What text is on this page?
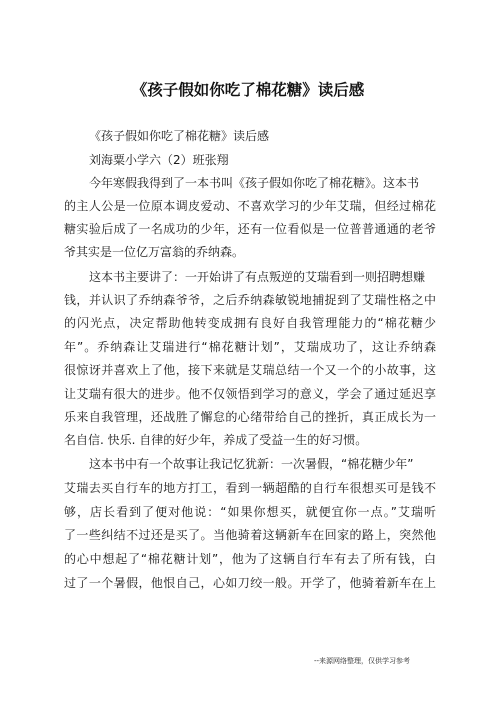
《孩子假如你吃了棉花糖》读后感
《孩子假如你吃了棉花糖》读后感
刘海粟小学六（2）班张翔
今年寒假我得到了一本书叫《孩子假如你吃了棉花糖》。这本书
的主人公是一位原本调皮爱动、不喜欢学习的少年艾瑞，但经过棉花
糖实验后成了一名成功的少年，还有一位看似是一位普普通通的老爷
爷其实是一位亿万富翁的乔纳森。
这本书主要讲了：一开始讲了有点叛逆的艾瑞看到一则招聘想赚
钱，并认识了乔纳森爷爷，之后乔纳森敏锐地捕捉到了艾瑞性格之中
的闪光点，决定帮助他转变成拥有良好自我管理能力的“棉花糖少
年”。乔纳森让艾瑞进行“棉花糖计划”，艾瑞成功了，这让乔纳森
很惊讶并喜欢上了他，接下来就是艾瑞总结一个又一个的小故事，这
让艾瑞有很大的进步。他不仅领悟到学习的意义，学会了通过延迟享
乐来自我管理，还战胜了懈怠的心绪带给自己的挫折，真正成长为一
名自信. 快乐. 自律的好少年，养成了受益一生的好习惯。
这本书中有一个故事让我记忆犹新：一次暑假，“棉花糖少年”
艾瑞去买自行车的地方打工，看到一辆超酷的自行车很想买可是钱不
够，店长看到了便对他说：“如果你想买，就便宜你一点。”艾瑞听
了一些纠结不过还是买了。当他骑着这辆新车在回家的路上，突然他
的心中想起了“棉花糖计划”，他为了这辆自行车有去了所有钱，白
过了一个暑假，他恨自己，心如刀绞一般。开学了，他骑着新车在上
--来源网络整理，仅供学习参考
